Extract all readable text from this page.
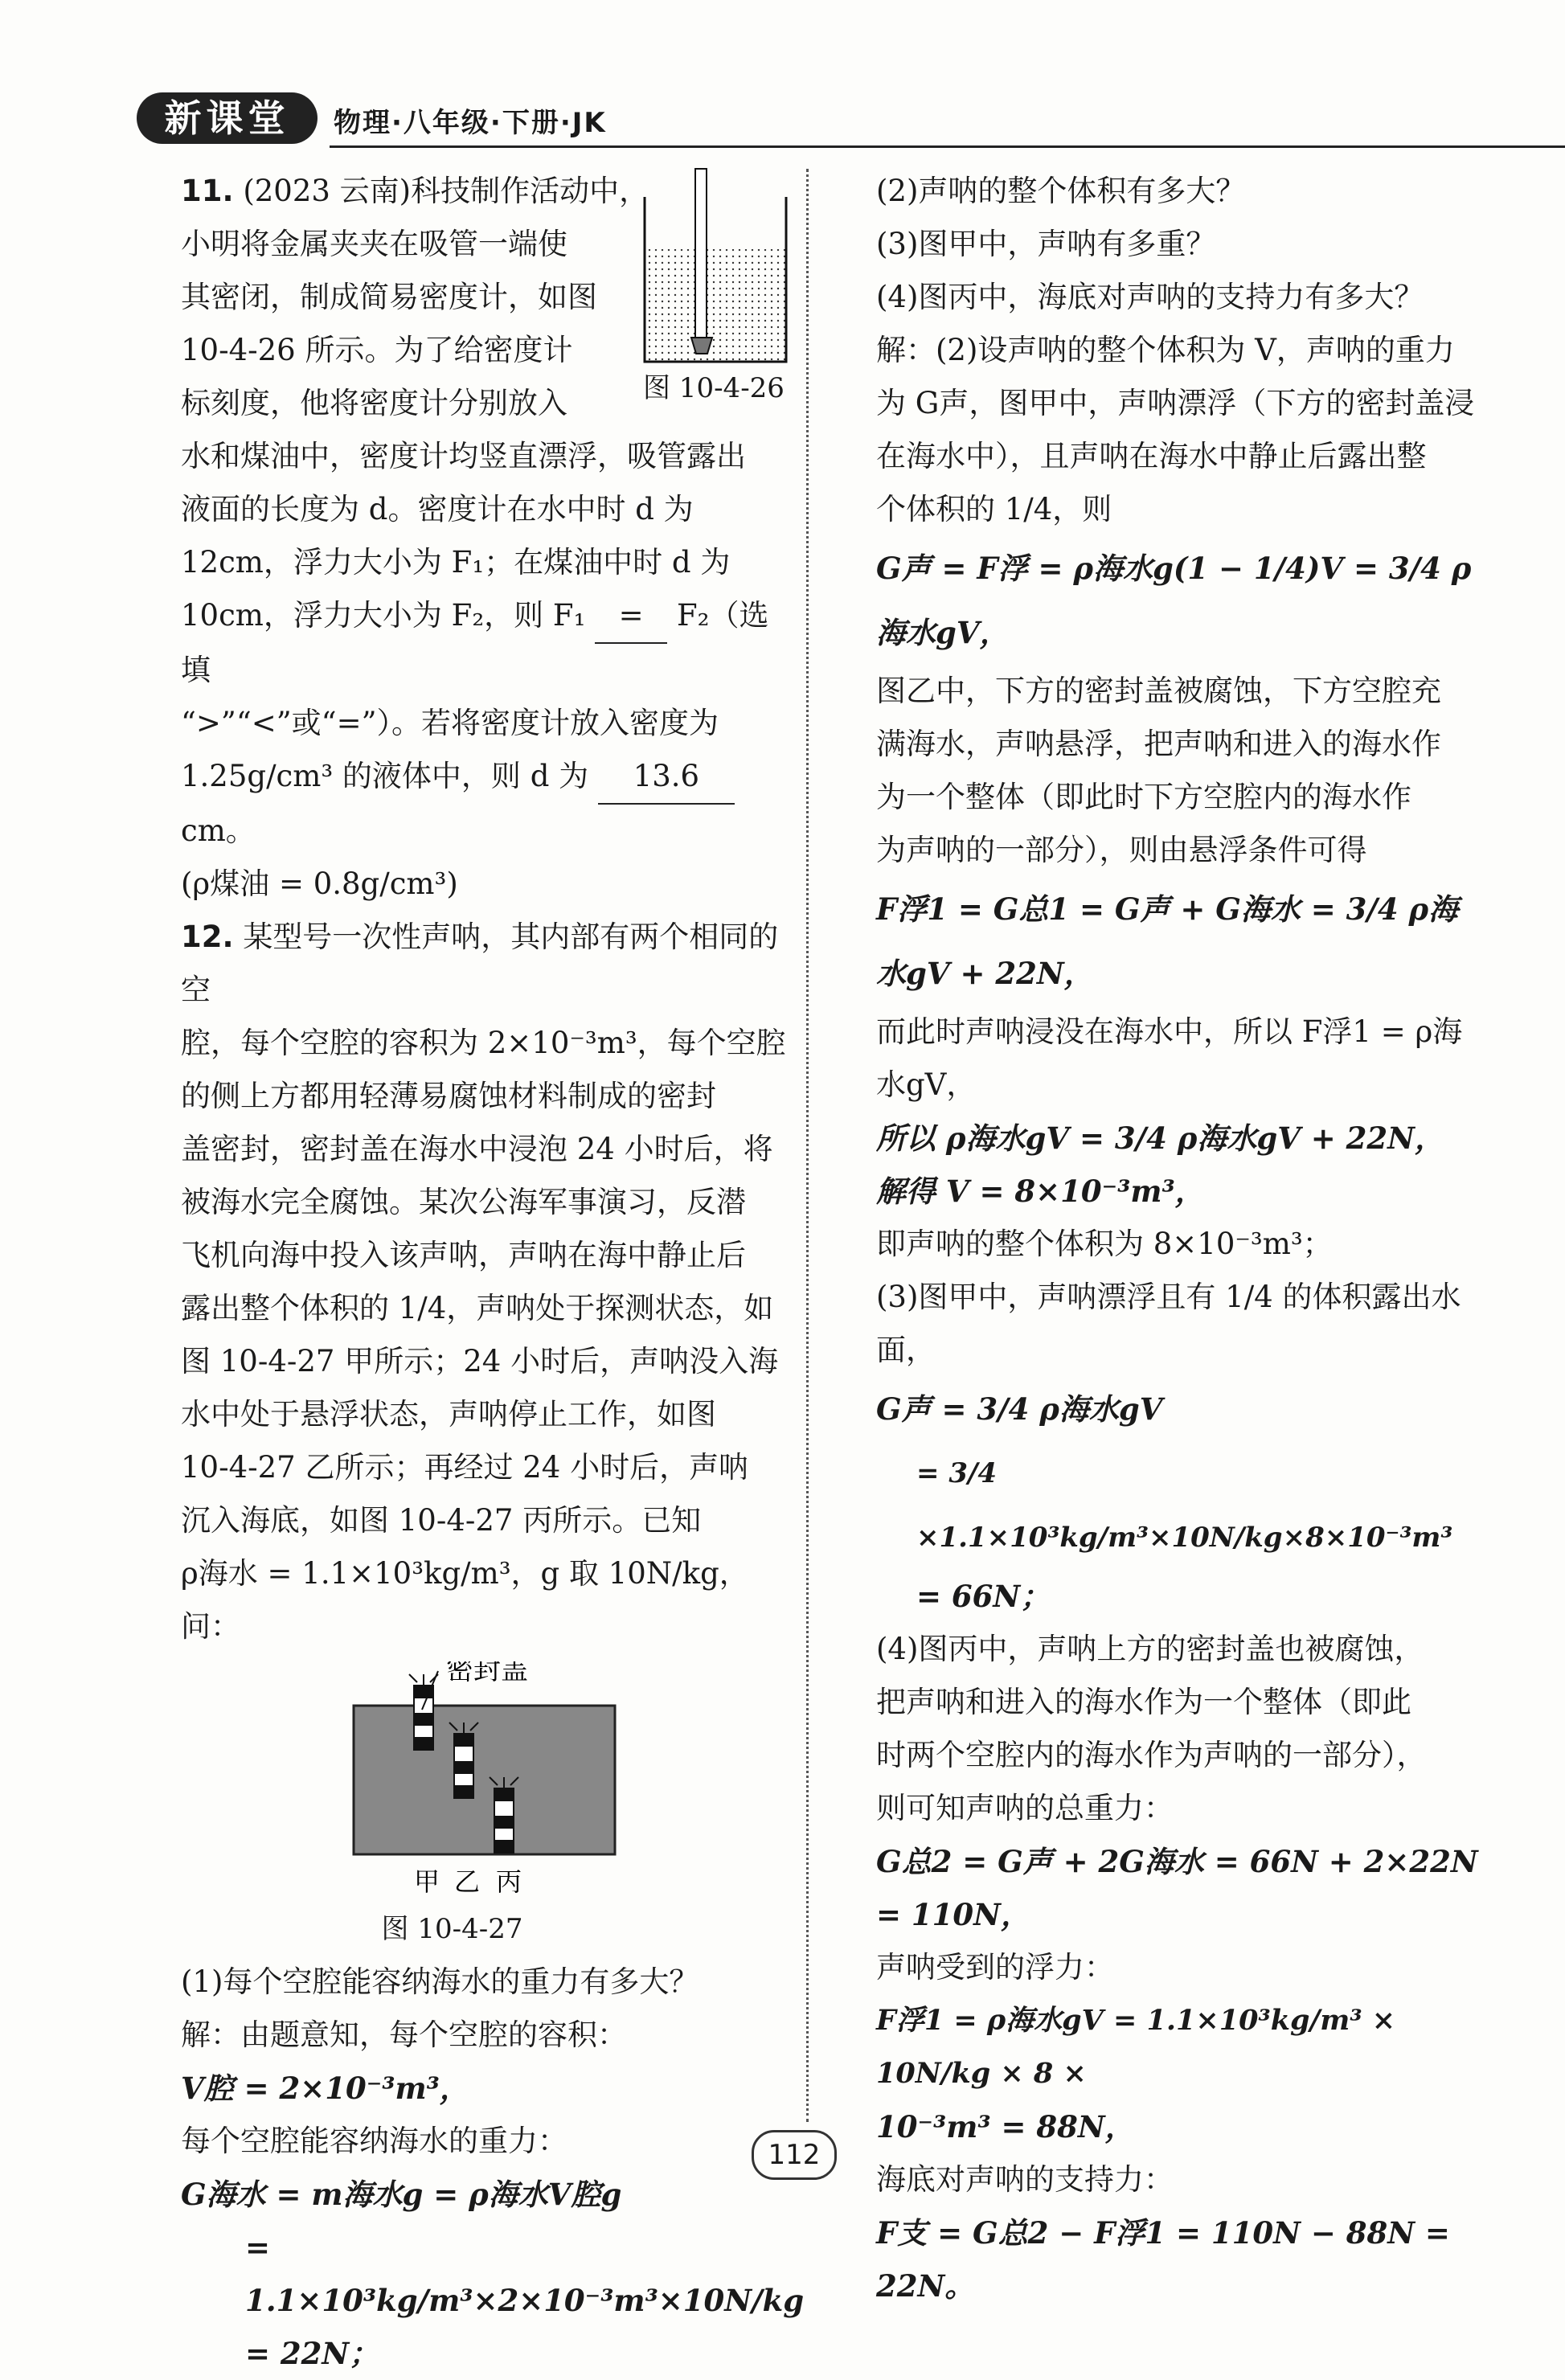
新课堂	物理·八年级·下册·JK

11. (2023 云南)科技制作活动中，

小明将金属夹夹在吸管一端使

其密闭，制成简易密度计，如图

10-4-26 所示。为了给密度计

标刻度，他将密度计分别放入

水和煤油中，密度计均竖直漂浮，吸管露出

液面的长度为 d。密度计在水中时 d 为

12cm，浮力大小为 F₁；在煤油中时 d 为

10cm，浮力大小为 F₂，则 F₁ = F₂（选填

“>”“<”或“=”）。若将密度计放入密度为

1.25g/cm³ 的液体中，则 d 为 13.6 cm。

(ρ煤油 = 0.8g/cm³)

12. 某型号一次性声呐，其内部有两个相同的空

腔，每个空腔的容积为 2×10⁻³m³，每个空腔

的侧上方都用轻薄易腐蚀材料制成的密封

盖密封，密封盖在海水中浸泡 24 小时后，将

被海水完全腐蚀。某次公海军事演习，反潜

飞机向海中投入该声呐，声呐在海中静止后

露出整个体积的 1/4，声呐处于探测状态，如

图 10-4-27 甲所示；24 小时后，声呐没入海

水中处于悬浮状态，声呐停止工作，如图

10-4-27 乙所示；再经过 24 小时后，声呐

沉入海底，如图 10-4-27 丙所示。已知

ρ海水 = 1.1×10³kg/m³，g 取 10N/kg，问：

密封盖
甲 乙 丙

图 10-4-27

(1)每个空腔能容纳海水的重力有多大？

解：由题意知，每个空腔的容积：

V腔 = 2×10⁻³m³，

每个空腔能容纳海水的重力：

G海水 = m海水g = ρ海水V腔g

= 1.1×10³kg/m³×2×10⁻³m³×10N/kg

= 22N；

图 10-4-26

(2)声呐的整个体积有多大？

(3)图甲中，声呐有多重？

(4)图丙中，海底对声呐的支持力有多大？

解：(2)设声呐的整个体积为 V，声呐的重力

为 G声，图甲中，声呐漂浮（下方的密封盖浸

在海水中），且声呐在海水中静止后露出整

个体积的 1/4，则

G声 = F浮 = ρ海水g(1 − 1/4)V = 3/4 ρ海水gV，

图乙中，下方的密封盖被腐蚀，下方空腔充

满海水，声呐悬浮，把声呐和进入的海水作

为一个整体（即此时下方空腔内的海水作

为声呐的一部分），则由悬浮条件可得

F浮1 = G总1 = G声 + G海水 = 3/4 ρ海水gV + 22N，

而此时声呐浸没在海水中，所以 F浮1 = ρ海水gV，

所以 ρ海水gV = 3/4 ρ海水gV + 22N，

解得 V = 8×10⁻³m³，

即声呐的整个体积为 8×10⁻³m³；

(3)图甲中，声呐漂浮且有 1/4 的体积露出水面，

G声 = 3/4 ρ海水gV

= 3/4 ×1.1×10³kg/m³×10N/kg×8×10⁻³m³

= 66N；

(4)图丙中，声呐上方的密封盖也被腐蚀，

把声呐和进入的海水作为一个整体（即此

时两个空腔内的海水作为声呐的一部分），

则可知声呐的总重力：

G总2 = G声 + 2G海水 = 66N + 2×22N = 110N，

声呐受到的浮力：

F浮1 = ρ海水gV = 1.1×10³kg/m³ × 10N/kg × 8 ×

10⁻³m³ = 88N，

海底对声呐的支持力：

F支 = G总2 − F浮1 = 110N − 88N = 22N。

112
